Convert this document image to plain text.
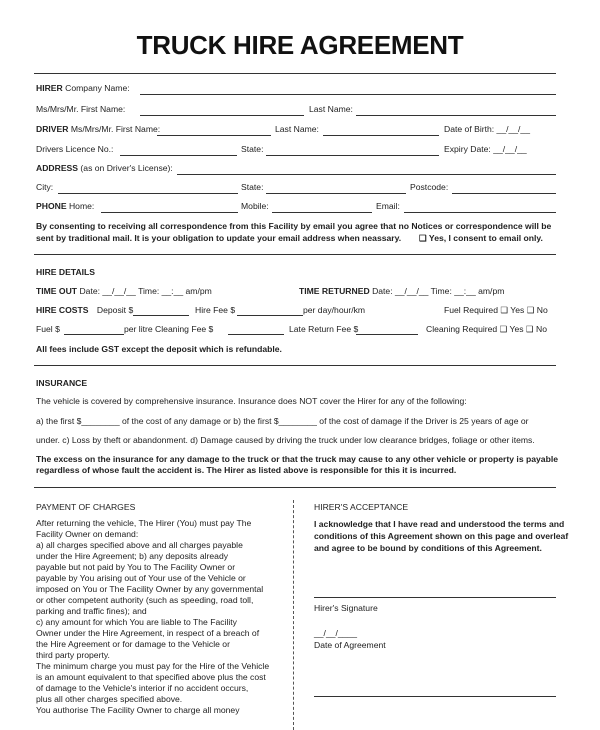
TRUCK HIRE AGREEMENT
HIRER Company Name:
Ms/Mrs/Mr. First Name:	Last Name:
DRIVER Ms/Mrs/Mr. First Name:	Last Name:	Date of Birth: __/__/__
Drivers Licence No.:	State:	Expiry Date: __/__/__
ADDRESS (as on Driver's License):
City:	State:	Postcode:
PHONE Home:	Mobile:	Email:
By consenting to receiving all correspondence from this Facility by email you agree that no Notices or correspondence will be
sent by traditional mail. It is your obligation to update your email address when neassary. ❑ Yes, I consent to email only.
HIRE DETAILS
TIME OUT Date: __/__/__ Time: __:__ am/pm	TIME RETURNED Date: __/__/__ Time: __:__ am/pm
HIRE COSTS Deposit $	Hire Fee $	per day/hour/km	Fuel Required ❑ Yes ❑ No
Fuel $	per litre Cleaning Fee $	Late Return Fee $	Cleaning Required ❑ Yes ❑ No
All fees include GST except the deposit which is refundable.
INSURANCE
The vehicle is covered by comprehensive insurance. Insurance does NOT cover the Hirer for any of the following:
a) the first $________ of the cost of any damage or b) the first $________ of the cost of damage if the Driver is 25 years of age or
under. c) Loss by theft or abandonment. d) Damage caused by driving the truck under low clearance bridges, foliage or other items.
The excess on the insurance for any damage to the truck or that the truck may cause to any other vehicle or property is payable
regardless of whose fault the accident is. The Hirer as listed above is responsible for this it is incurred.
PAYMENT OF CHARGES
After returning the vehicle, The Hirer (You) must pay The
Facility Owner on demand:
a) all charges specified above and all charges payable
under the Hire Agreement; b) any deposits already
payable but not paid by You to The Facility Owner or
payable by You arising out of Your use of the Vehicle or
imposed on You or The Facility Owner by any governmental
or other competent authority (such as speeding, road toll,
parking and traffic fines); and
c) any amount for which You are liable to The Facility
Owner under the Hire Agreement, in respect of a breach of
the Hire Agreement or for damage to the Vehicle or
third party property.
The minimum charge you must pay for the Hire of the Vehicle
is an amount equivalent to that specified above plus the cost
of damage to the Vehicle's interior if no accident occurs,
plus all other charges specified above.
You authorise The Facility Owner to charge all money
HIRER'S ACCEPTANCE
I acknowledge that I have read and understood the terms and
conditions of this Agreement shown on this page and overleaf
and agree to be bound by conditions of this Agreement.
Hirer's Signature
__/__/____
Date of Agreement
